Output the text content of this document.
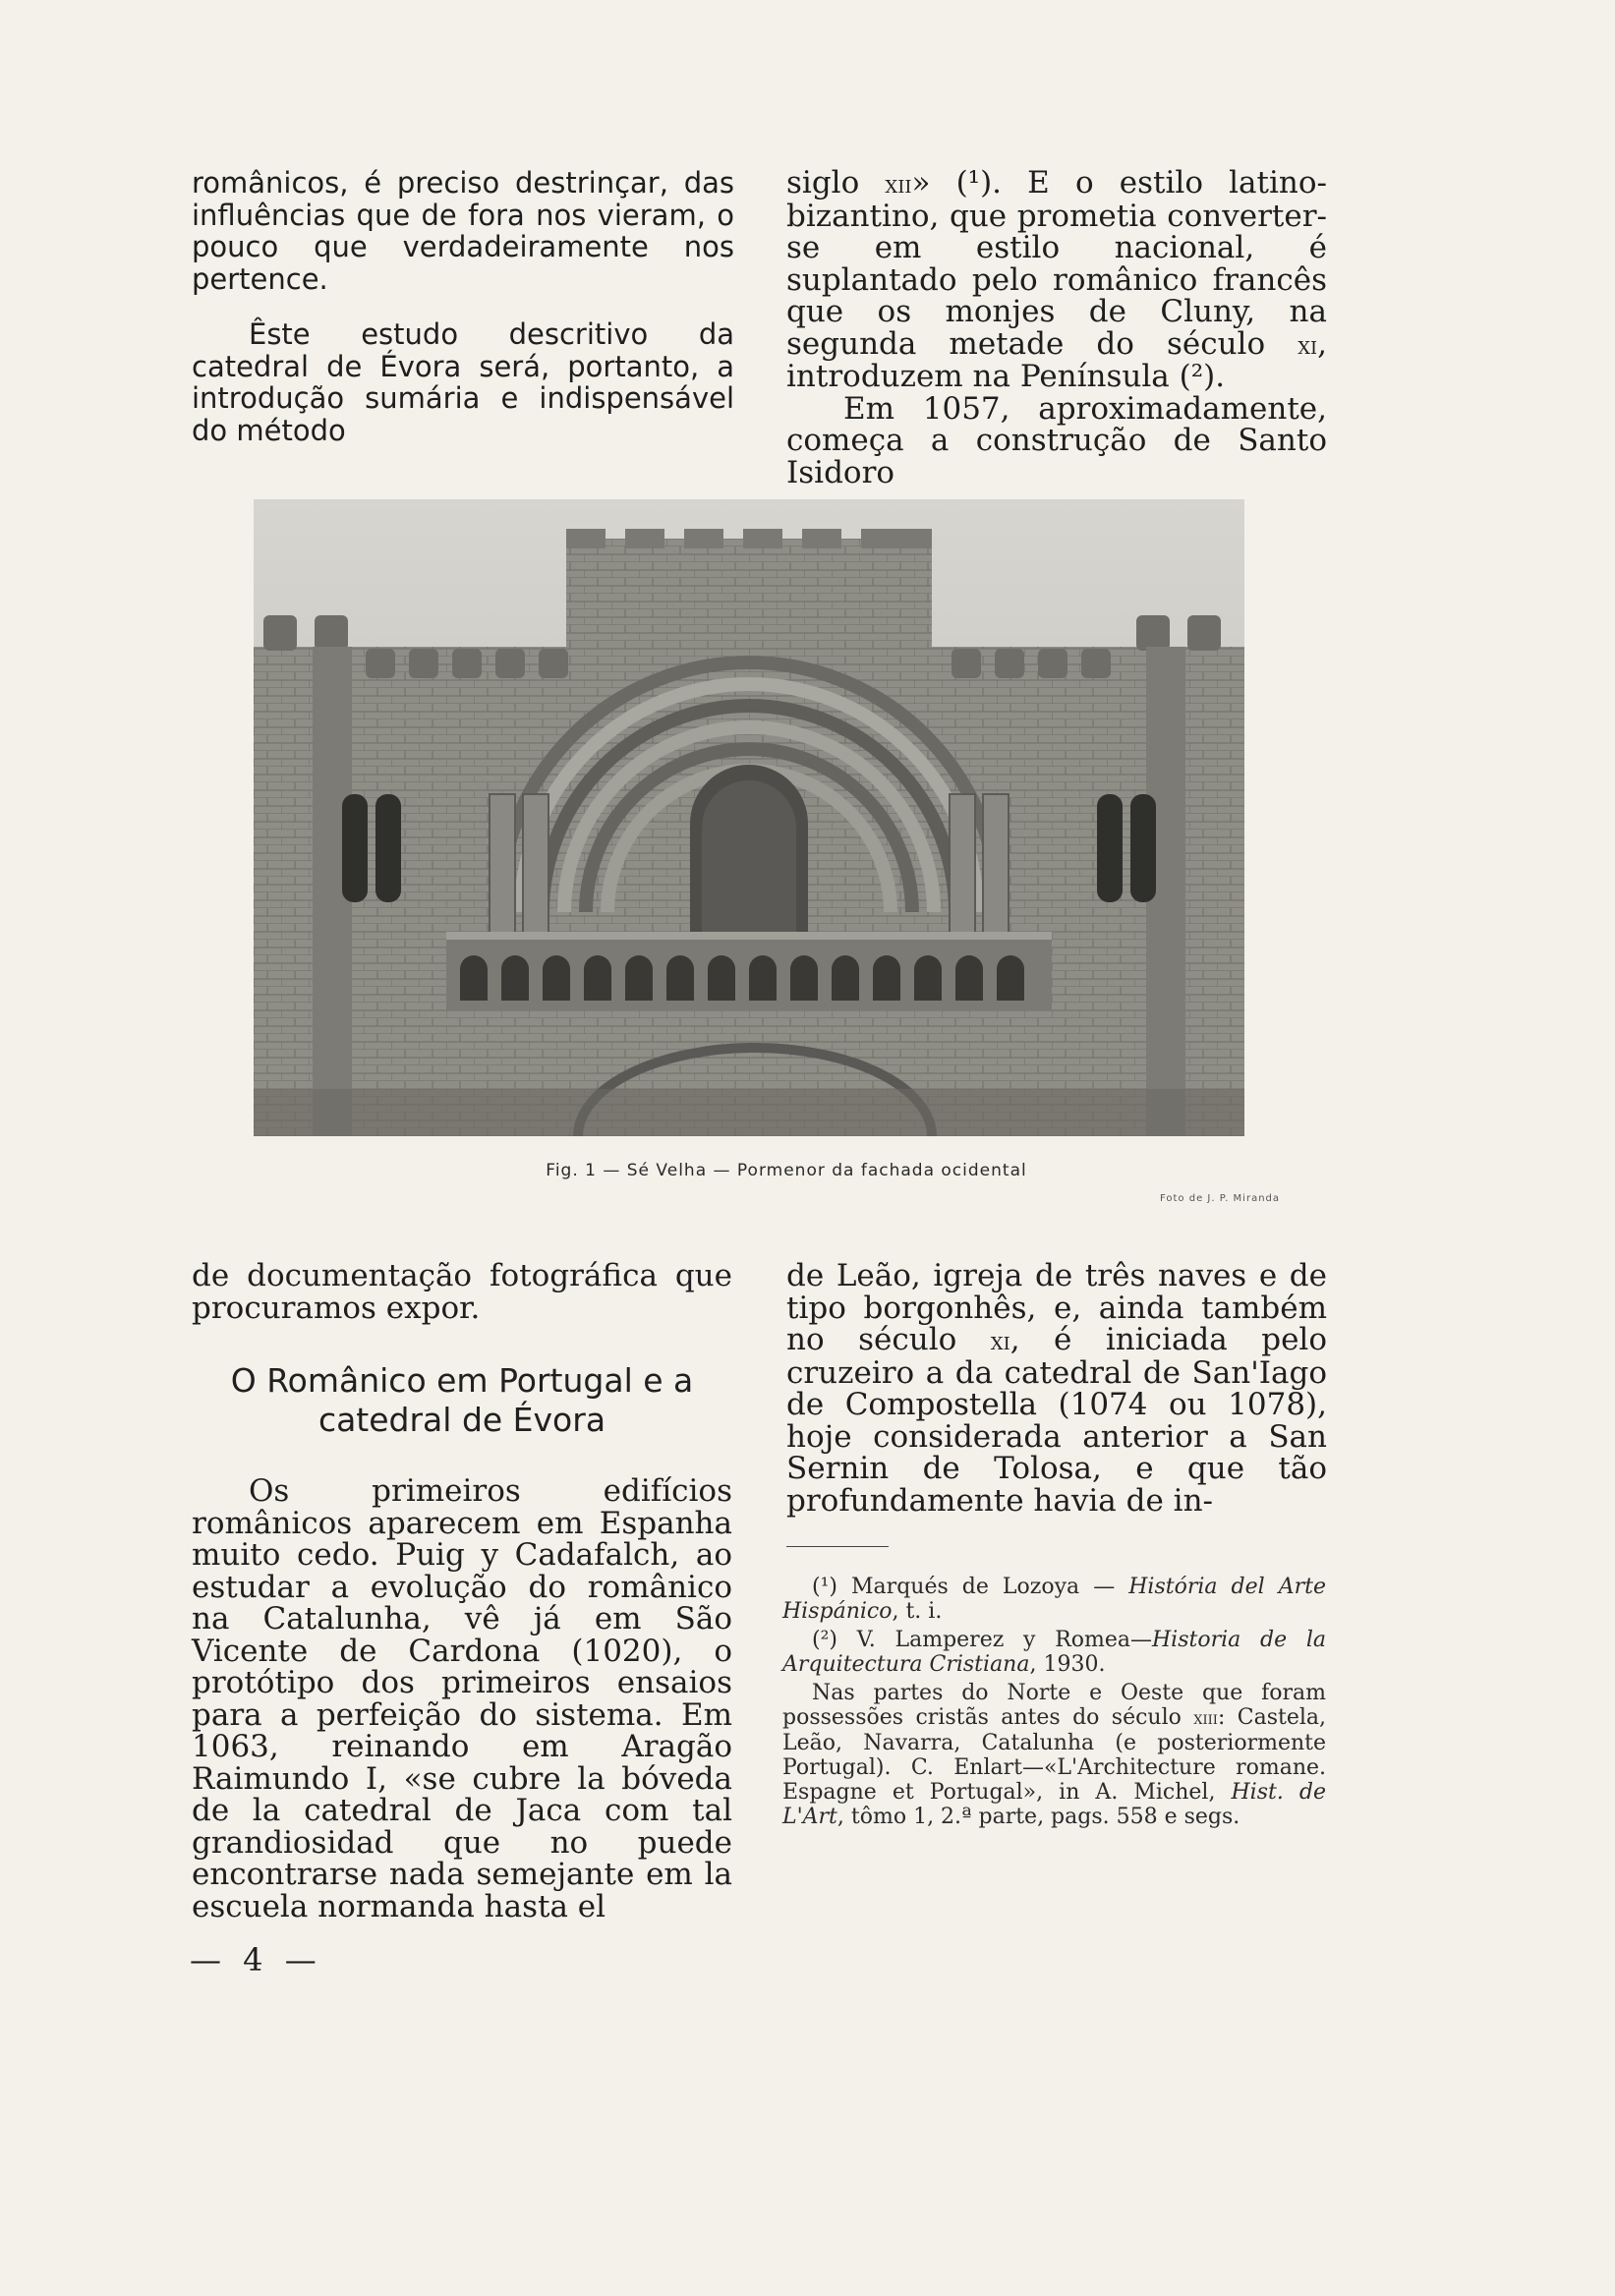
românicos, é preciso destrinçar, das influências que de fora nos vieram, o pouco que verdadeiramente nos pertence.

Êste estudo descritivo da catedral de Évora será, portanto, a introdução sumária e indispensável do método

siglo xii» (¹). E o estilo latino-bizantino, que prometia converter-se em estilo nacional, é suplantado pelo românico francês que os monjes de Cluny, na segunda metade do século xi, introduzem na Península (²).

Em 1057, aproximadamente, começa a construção de Santo Isidoro

Fig. 1 — Sé Velha — Pormenor da fachada ocidental
Foto de J. P. Miranda

de documentação fotográfica que procuramos expor.

O Românico em Portugal e a catedral de Évora

Os primeiros edifícios românicos aparecem em Espanha muito cedo. Puig y Cadafalch, ao estudar a evolução do românico na Catalunha, vê já em São Vicente de Cardona (1020), o protótipo dos primeiros ensaios para a perfeição do sistema. Em 1063, reinando em Aragão Raimundo I, «se cubre la bóveda de la catedral de Jaca com tal grandiosidad que no puede encontrarse nada semejante em la escuela normanda hasta el

de Leão, igreja de três naves e de tipo borgonhês, e, ainda também no século xi, é iniciada pelo cruzeiro a da catedral de San'Iago de Compostella (1074 ou 1078), hoje considerada anterior a San Sernin de Tolosa, e que tão profundamente havia de in-

(¹) Marqués de Lozoya — História del Arte Hispánico, t. i.

(²) V. Lamperez y Romea—Historia de la Arquitectura Cristiana, 1930.

Nas partes do Norte e Oeste que foram possessões cristãs antes do século xiii: Castela, Leão, Navarra, Catalunha (e posteriormente Portugal). C. Enlart—«L'Architecture romane. Espagne et Portugal», in A. Michel, Hist. de L'Art, tômo 1, 2.ª parte, pags. 558 e segs.

— 4 —
